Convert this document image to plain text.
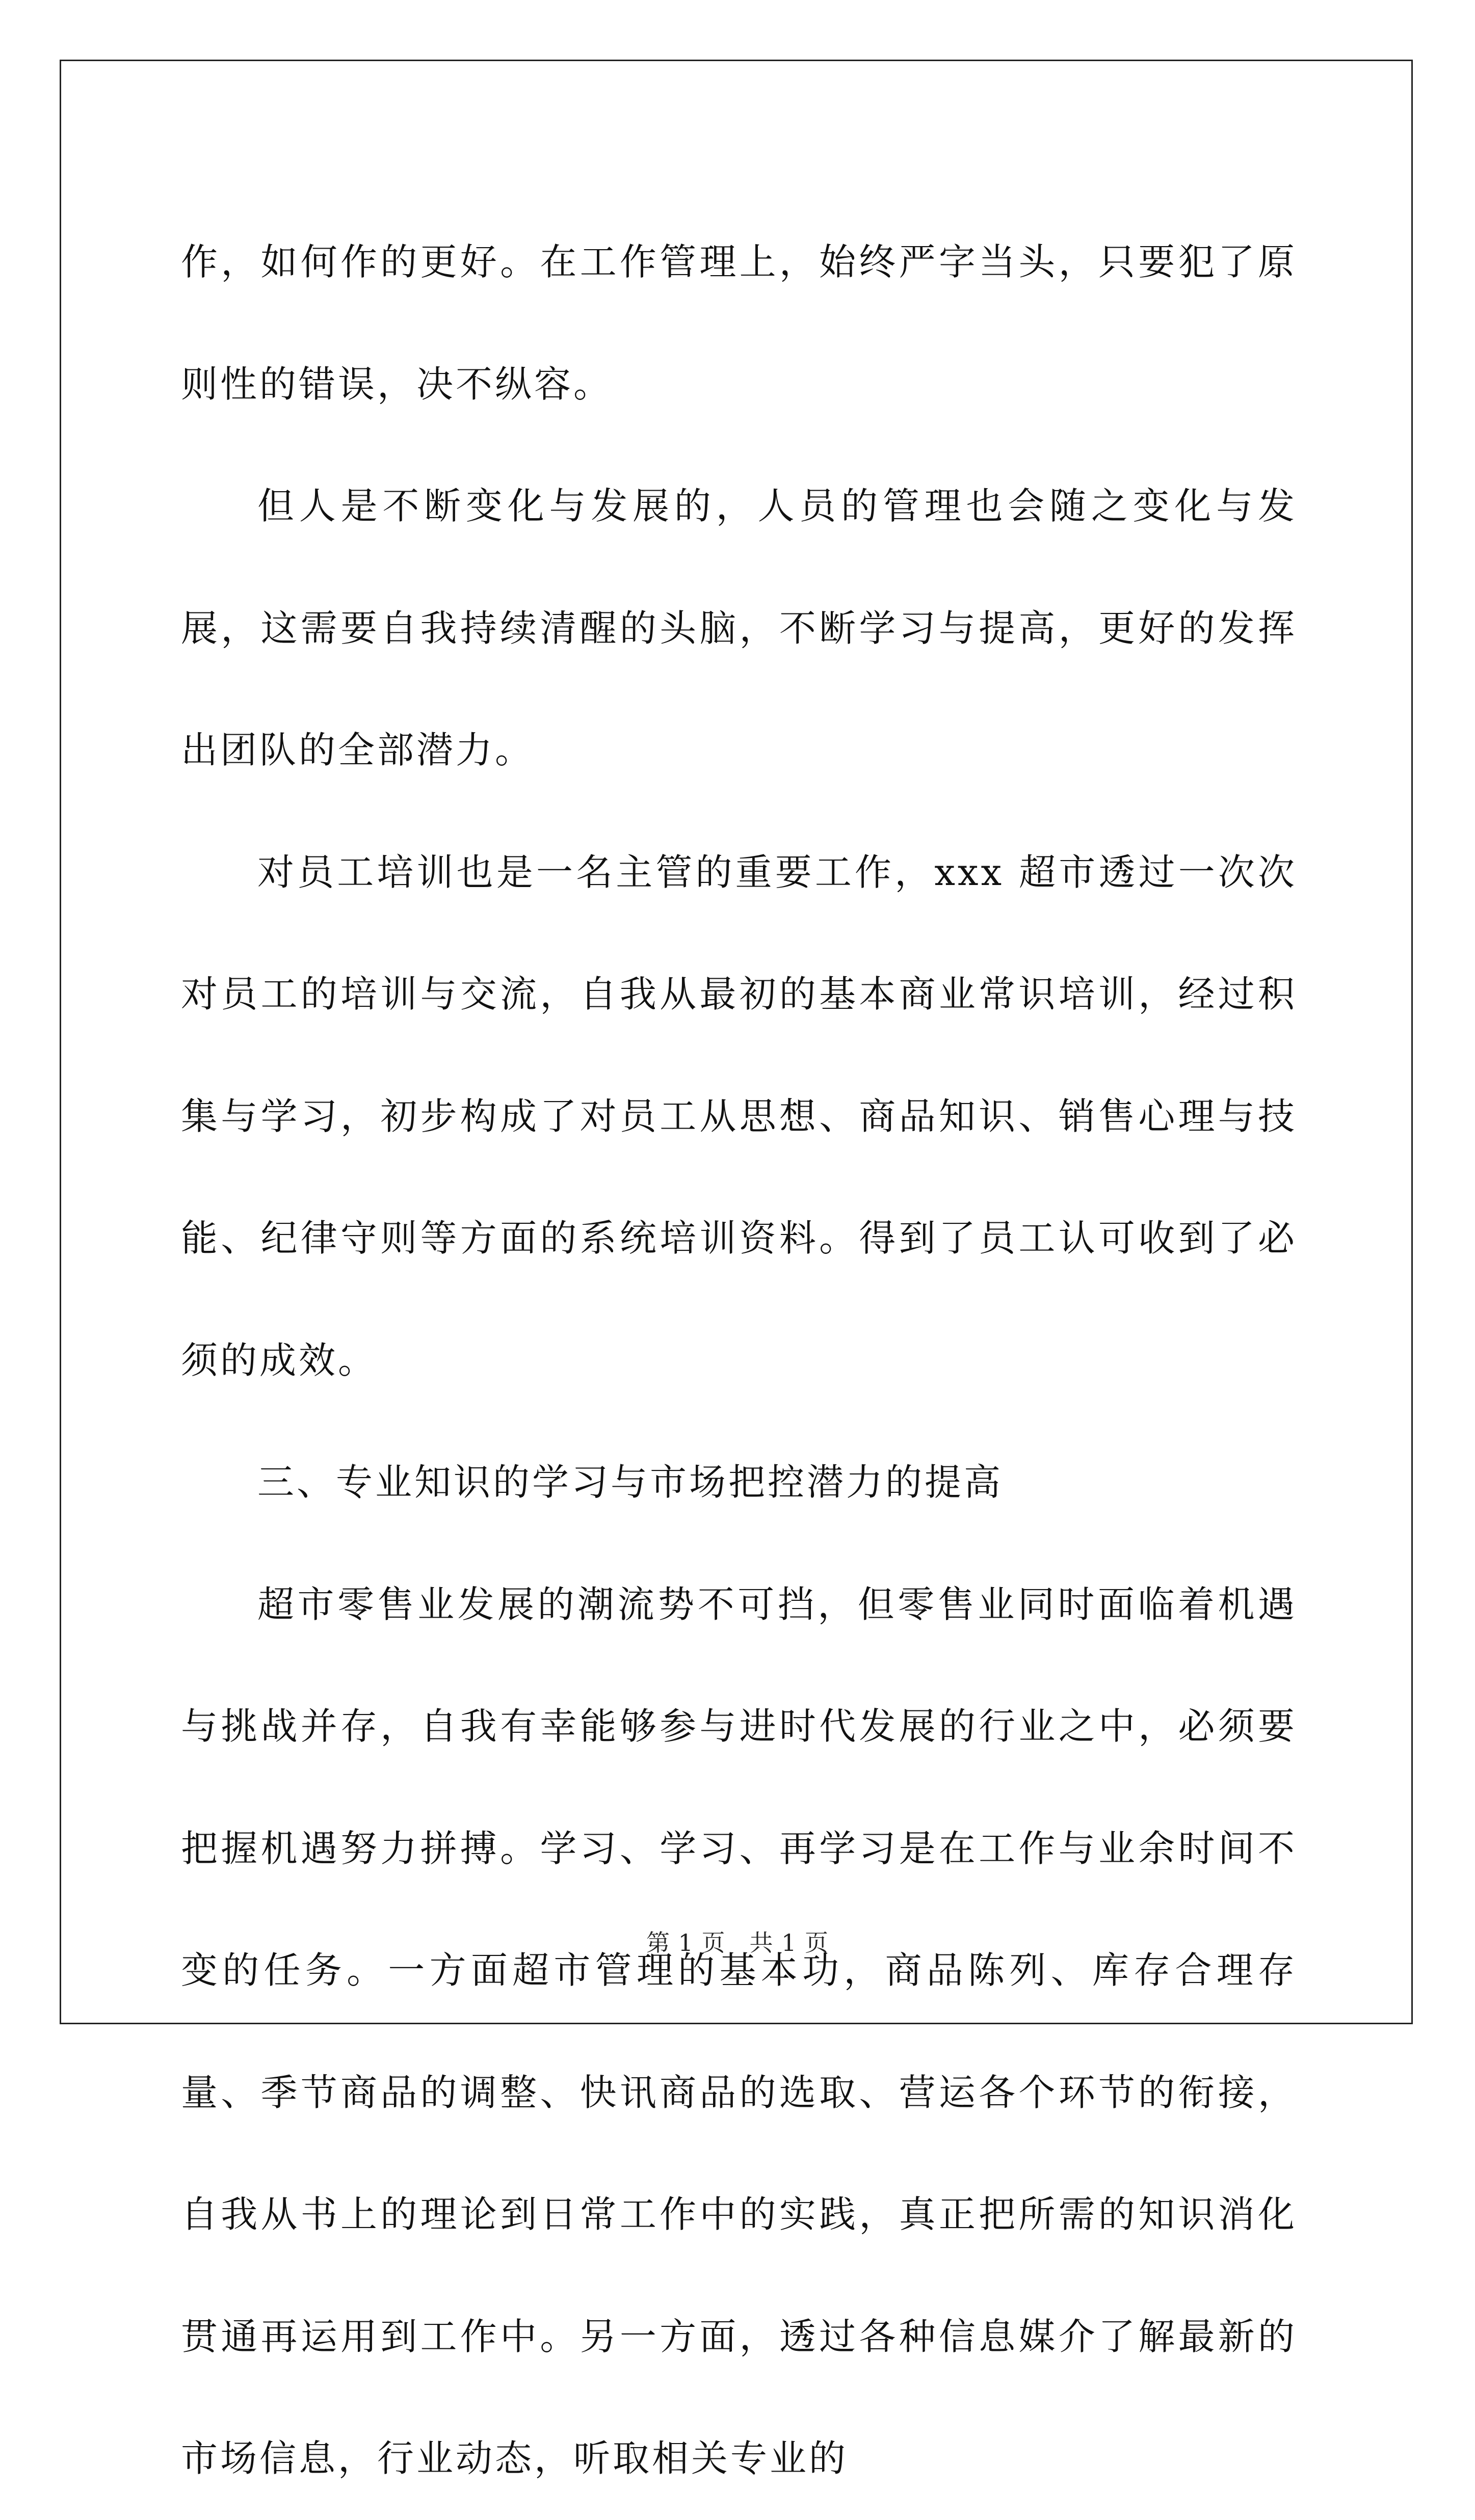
作，如何作的更好。在工作管理上，始终严字当头，只要犯了原则性的错误，决不纵容。

但人是不断变化与发展的，人员的管理也会随之变化与发展，这需要自我持续清醒的头脑，不断学习与提高，更好的发挥出团队的全部潜力。

对员工培训也是一名主管的重要工作，xxx 超市透过一次次对员工的培训与交流，自我从最初的基本商业常识培训，经过积集与学习，初步构成了对员工从思想、商品知识、销售心理与技能、纪律守则等方面的系统培训资料。得到了员工认可收到了必须的成效。

三、专业知识的学习与市场把控潜力的提高

超市零售业发展的潮流势不可挡，但零售业同时面临着机遇与挑战并存，自我有幸能够参与进时代发展的行业之中，必须要把握机遇努力拼搏。学习、学习、再学习是在工作与业余时间不变的任务。一方面超市管理的基本功，商品陈列、库存合理存量、季节商品的调整、快讯商品的选取、营运各个环节的衔接，自我从书上的理论到日常工作中的实践，真正把所需的知识消化贯通再运用到工作中。另一方面，透过各种信息媒介了解最新的市场信息，行业动态，听取相关专业的

第 1 页　共 1 页
